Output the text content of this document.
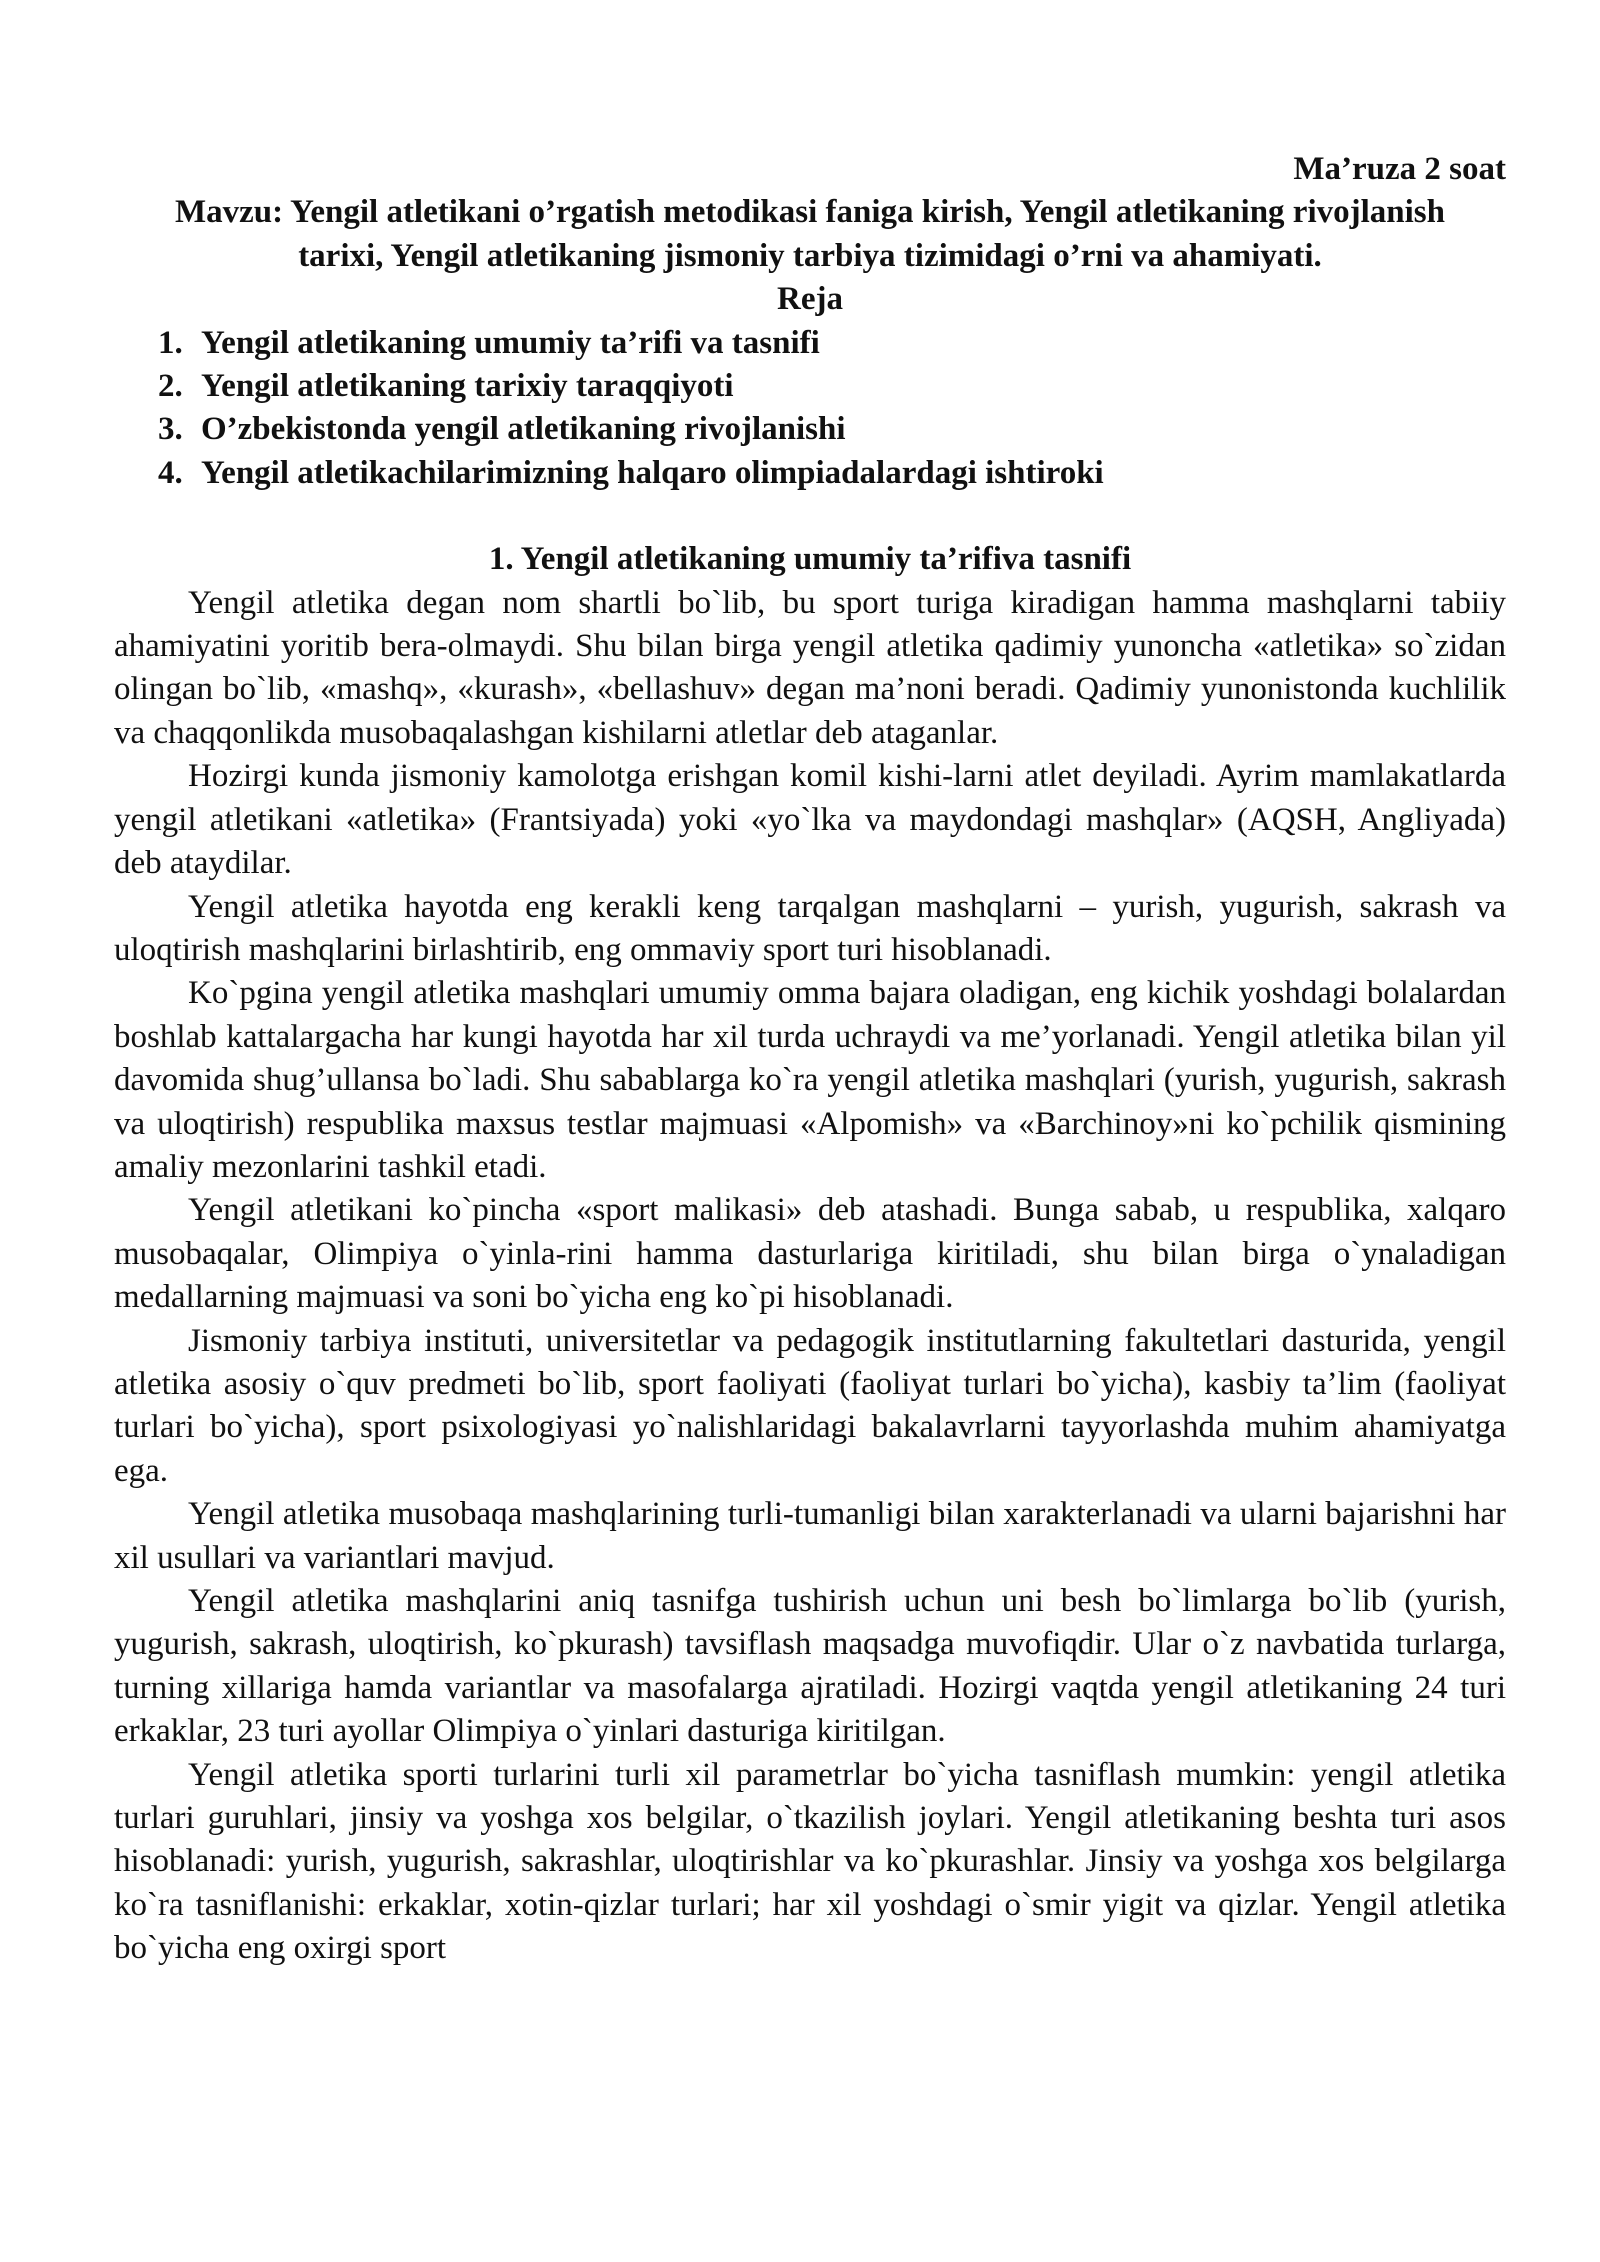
Ma’ruza 2 soat

Mavzu: Yengil atletikani o’rgatish metodikasi faniga kirish, Yengil atletikaning rivojlanish tarixi, Yengil atletikaning jismoniy tarbiya tizimidagi o’rni va ahamiyati.

Reja

1. Yengil atletikaning umumiy ta’rifi va tasnifi
2. Yengil atletikaning tarixiy taraqqiyoti
3. O’zbekistonda yengil atletikaning rivojlanishi
4. Yengil atletikachilarimizning halqaro olimpiadalardagi ishtiroki

1. Yengil atletikaning umumiy ta’rifiva tasnifi

Yengil atletika degan nom shartli bo`lib, bu sport turiga kiradigan hamma mashqlarni tabiiy ahamiyatini yoritib bera-olmaydi. Shu bilan birga yengil atletika qadimiy yunoncha «atletika» so`zidan olingan bo`lib, «mashq», «kurash», «bellashuv» degan ma’noni beradi. Qadimiy yunonistonda kuchlilik va chaqqonlikda musobaqalashgan kishilarni atletlar deb ataganlar.

Hozirgi kunda jismoniy kamolotga erishgan komil kishi-larni atlet deyiladi. Ayrim mamlakatlarda yengil atletikani «atletika» (Frantsiyada) yoki «yo`lka va maydondagi mashqlar» (AQSH, Angliyada) deb ataydilar.

Yengil atletika hayotda eng kerakli keng tarqalgan mashqlarni – yurish, yugurish, sakrash va uloqtirish mashqlarini birlashtirib, eng ommaviy sport turi hisoblanadi.

Ko`pgina yengil atletika mashqlari umumiy omma bajara oladigan, eng kichik yoshdagi bolalardan boshlab kattalargacha har kungi hayotda har xil turda uchraydi va me’yorlanadi. Yengil atletika bilan yil davomida shug’ullansa bo`ladi. Shu sabablarga ko`ra yengil atletika mashqlari (yurish, yugurish, sakrash va uloqtirish) respublika maxsus testlar majmuasi «Alpomish» va «Barchinoy»ni ko`pchilik qismining amaliy mezonlarini tashkil etadi.

Yengil atletikani ko`pincha «sport malikasi» deb atashadi. Bunga sabab, u respublika, xalqaro musobaqalar, Olimpiya o`yinla-rini hamma dasturlariga kiritiladi, shu bilan birga o`ynaladigan medallarning majmuasi va soni bo`yicha eng ko`pi hisoblanadi.

Jismoniy tarbiya instituti, universitetlar va pedagogik institutlarning fakultetlari dasturida, yengil atletika asosiy o`quv predmeti bo`lib, sport faoliyati (faoliyat turlari bo`yicha), kasbiy ta’lim (faoliyat turlari bo`yicha), sport psixologiyasi yo`nalishlaridagi bakalavrlarni tayyorlashda muhim ahamiyatga ega.

Yengil atletika musobaqa mashqlarining turli-tumanligi bilan xarakterlanadi va ularni bajarishni har xil usullari va variantlari mavjud.

Yengil atletika mashqlarini aniq tasnifga tushirish uchun uni besh bo`limlarga bo`lib (yurish, yugurish, sakrash, uloqtirish, ko`pkurash) tavsiflash maqsadga muvofiqdir. Ular o`z navbatida turlarga, turning xillariga hamda variantlar va masofalarga ajratiladi. Hozirgi vaqtda yengil atletikaning 24 turi erkaklar, 23 turi ayollar Olimpiya o`yinlari dasturiga kiritilgan.

Yengil atletika sporti turlarini turli xil parametrlar bo`yicha tasniflash mumkin: yengil atletika turlari guruhlari, jinsiy va yoshga xos belgilar, o`tkazilish joylari. Yengil atletikaning beshta turi asos hisoblanadi: yurish, yugurish, sakrashlar, uloqtirishlar va ko`pkurashlar. Jinsiy va yoshga xos belgilarga ko`ra tasniflanishi: erkaklar, xotin-qizlar turlari; har xil yoshdagi o`smir yigit va qizlar. Yengil atletika bo`yicha eng oxirgi sport
